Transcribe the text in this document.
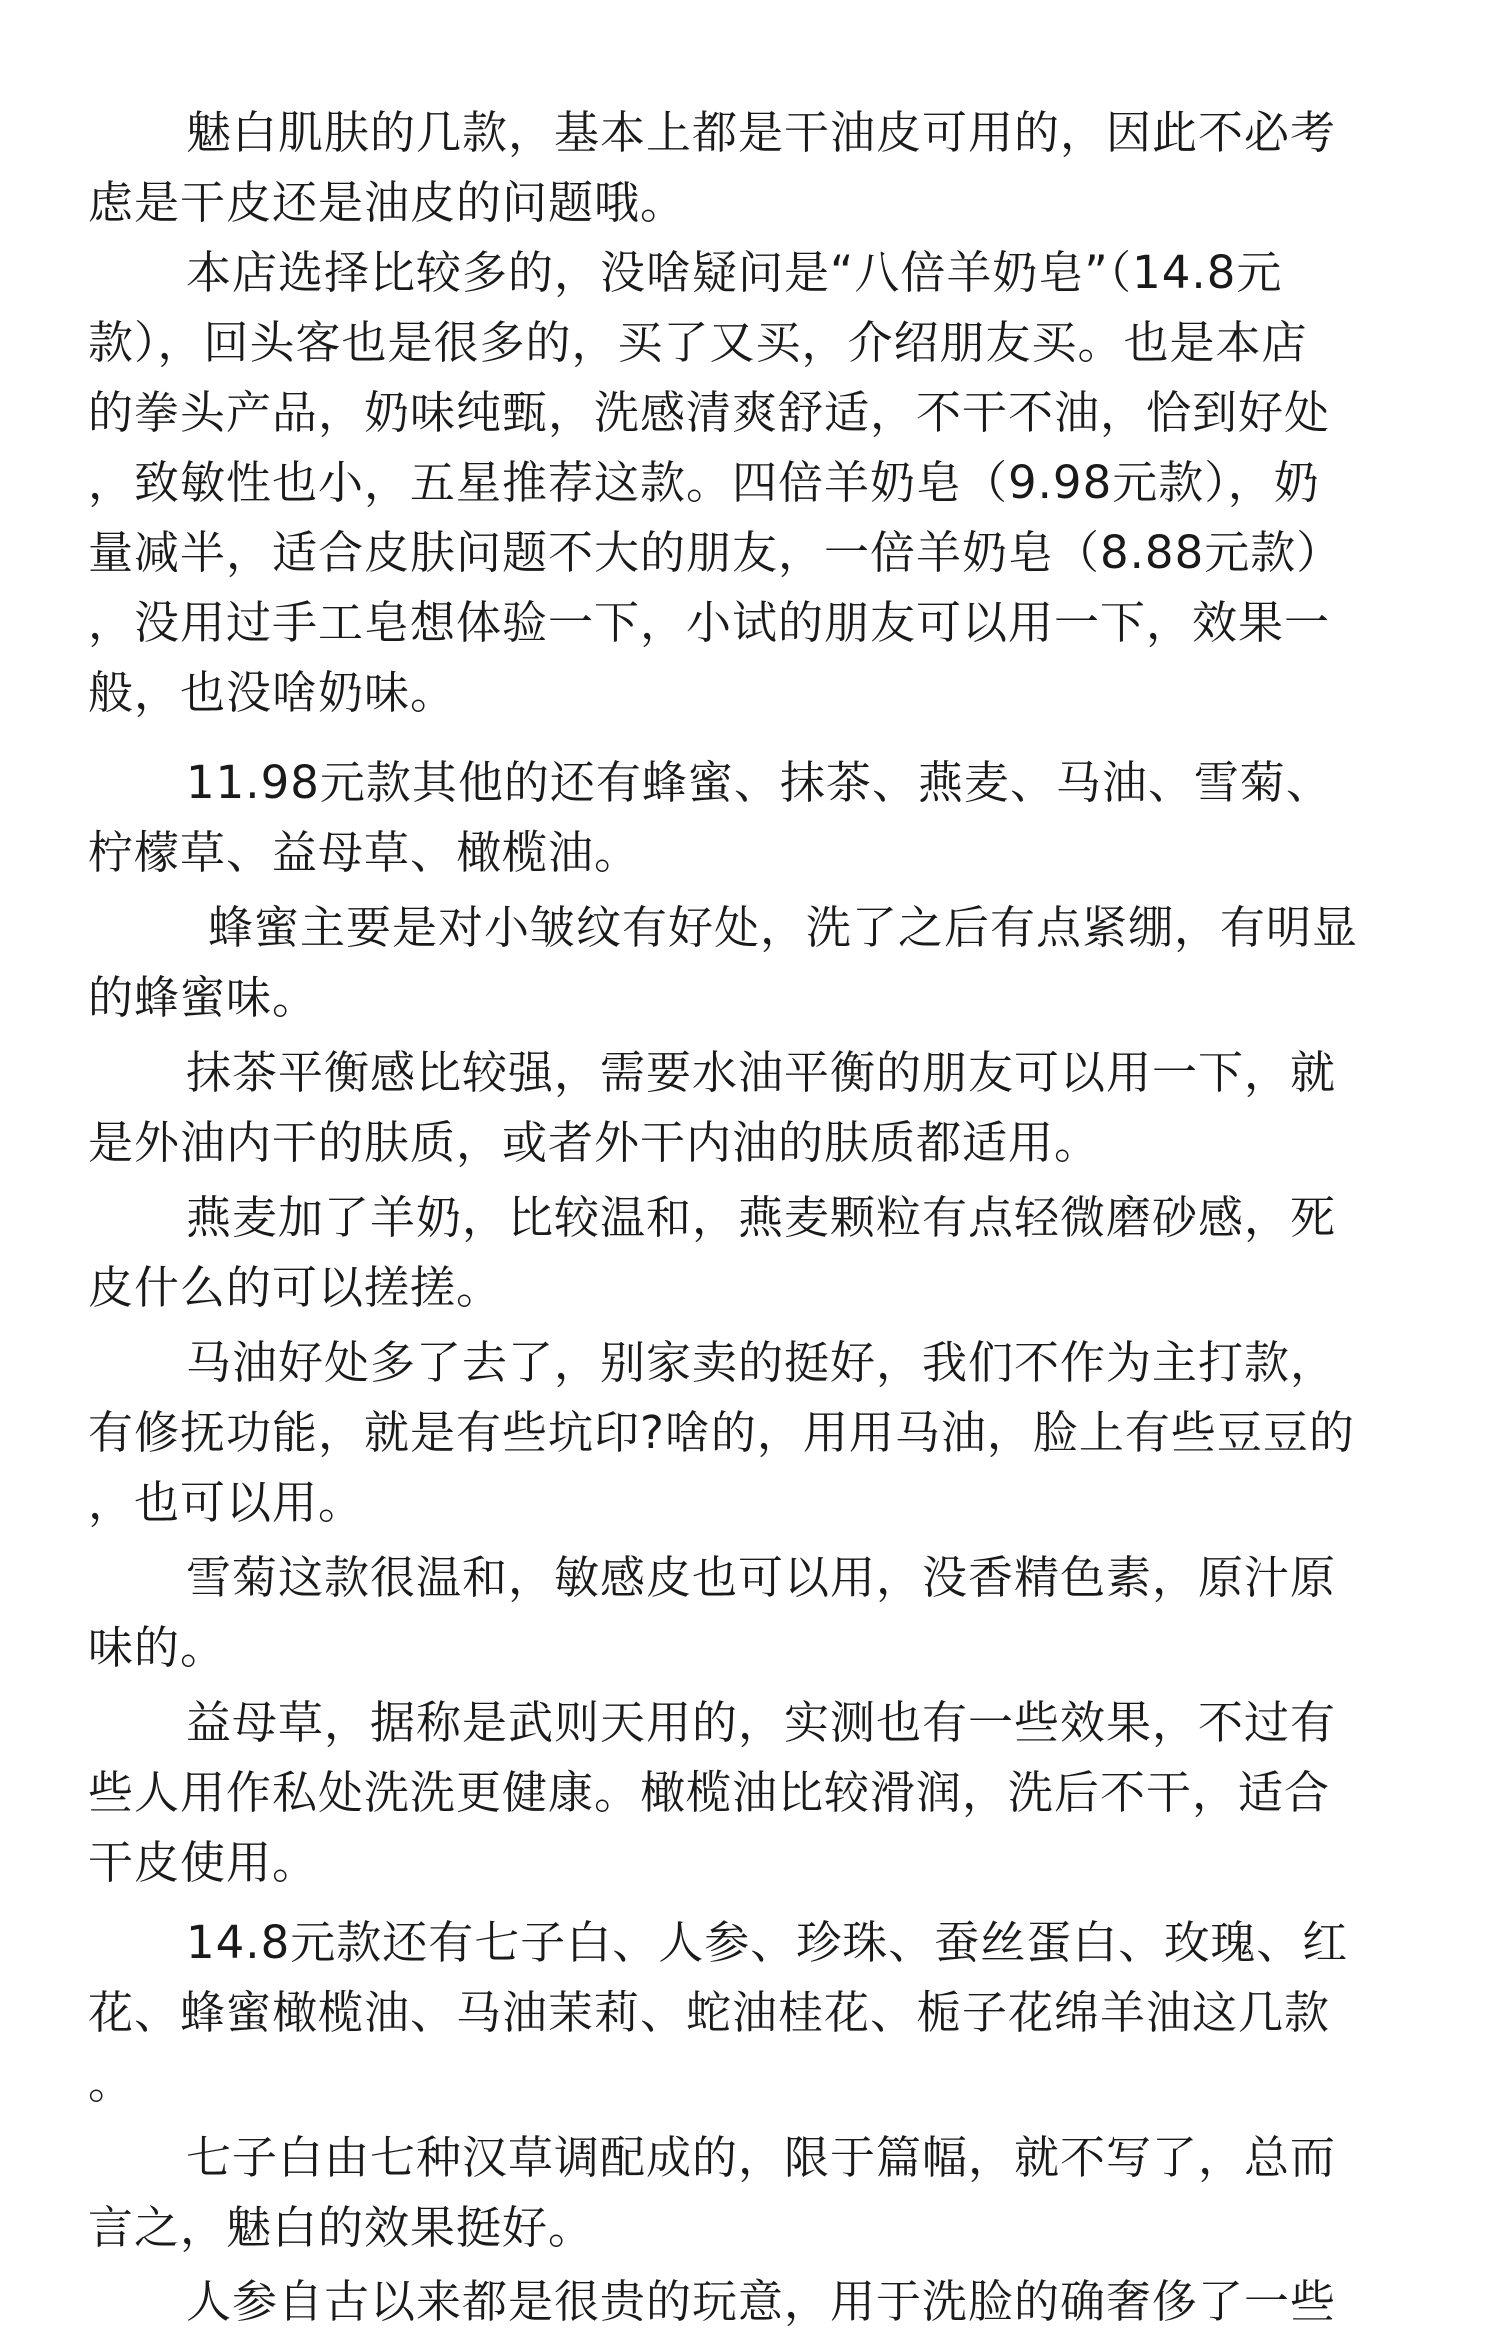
魅白肌肤的几款，基本上都是干油皮可用的，因此不必考
虑是干皮还是油皮的问题哦。
本店选择比较多的，没啥疑问是“八倍羊奶皂”（14.8元
款），回头客也是很多的，买了又买，介绍朋友买。也是本店
的拳头产品，奶味纯甄，洗感清爽舒适，不干不油，恰到好处
，致敏性也小，五星推荐这款。四倍羊奶皂（9.98元款），奶
量减半，适合皮肤问题不大的朋友，一倍羊奶皂（8.88元款）
，没用过手工皂想体验一下，小试的朋友可以用一下，效果一
般，也没啥奶味。
11.98元款其他的还有蜂蜜、抹茶、燕麦、马油、雪菊、
柠檬草、益母草、橄榄油。
蜂蜜主要是对小皱纹有好处，洗了之后有点紧绷，有明显
的蜂蜜味。
抹茶平衡感比较强，需要水油平衡的朋友可以用一下，就
是外油内干的肤质，或者外干内油的肤质都适用。
燕麦加了羊奶，比较温和，燕麦颗粒有点轻微磨砂感，死
皮什么的可以搓搓。
马油好处多了去了，别家卖的挺好，我们不作为主打款，
有修抚功能，就是有些坑印?啥的，用用马油，脸上有些豆豆的
，也可以用。
雪菊这款很温和，敏感皮也可以用，没香精色素，原汁原
味的。
益母草，据称是武则天用的，实测也有一些效果，不过有
些人用作私处洗洗更健康。橄榄油比较滑润，洗后不干，适合
干皮使用。
14.8元款还有七子白、人参、珍珠、蚕丝蛋白、玫瑰、红
花、蜂蜜橄榄油、马油茉莉、蛇油桂花、栀子花绵羊油这几款
。
七子白由七种汉草调配成的，限于篇幅，就不写了，总而
言之，魅白的效果挺好。
人参自古以来都是很贵的玩意，用于洗脸的确奢侈了一些
